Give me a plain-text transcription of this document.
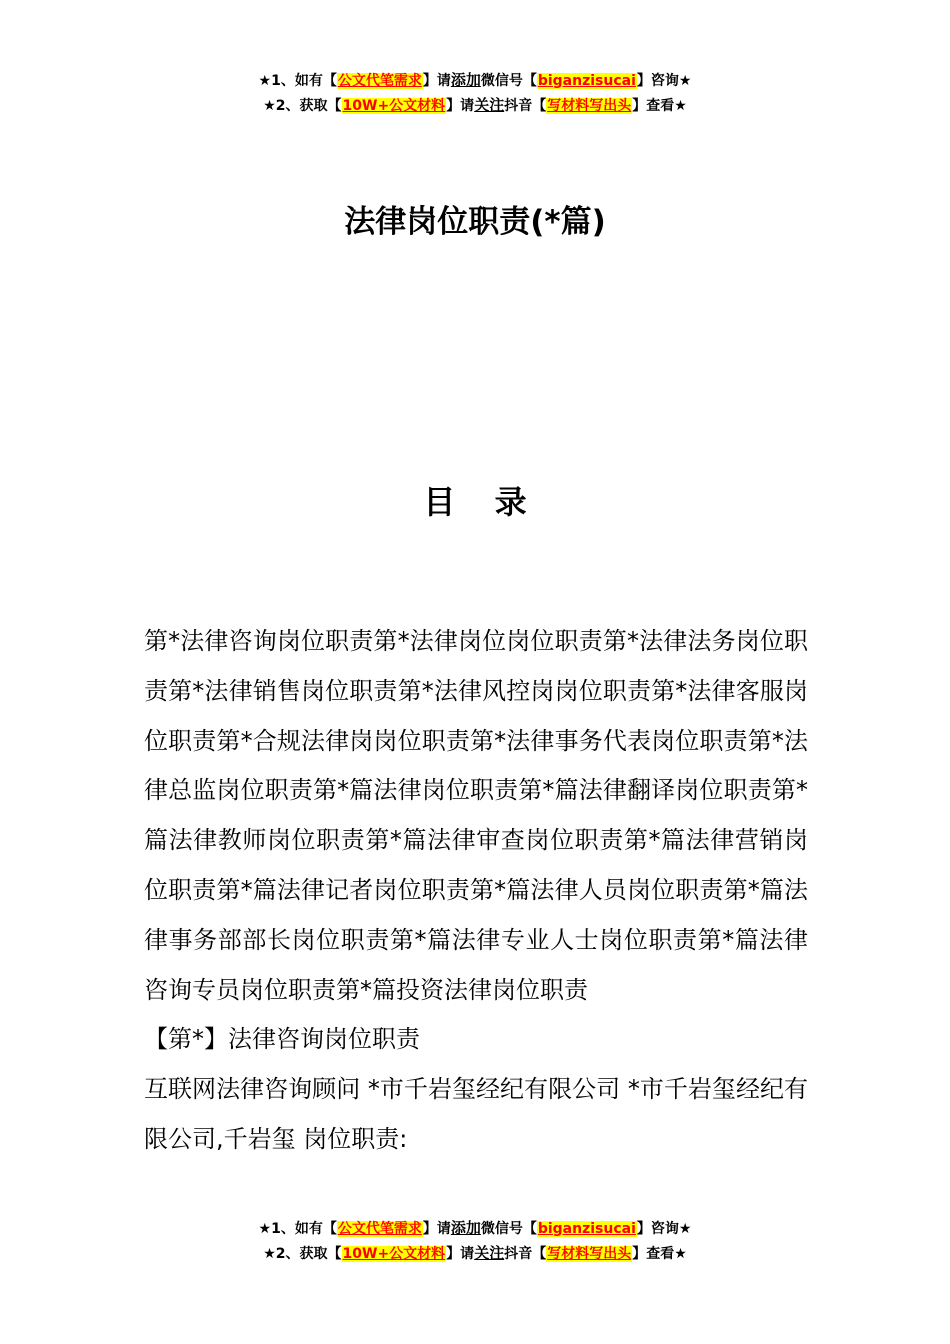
★1、如有【公文代笔需求】请添加微信号【biganzisucai】咨询★
★2、获取【10W+公文材料】请关注抖音【写材料写出头】查看★
法律岗位职责(*篇)
目 录

第*法律咨询岗位职责第*法律岗位岗位职责第*法律法务岗位职责第*法律销售岗位职责第*法律风控岗岗位职责第*法律客服岗位职责第*合规法律岗岗位职责第*法律事务代表岗位职责第*法律总监岗位职责第*篇法律岗位职责第*篇法律翻译岗位职责第*篇法律教师岗位职责第*篇法律审查岗位职责第*篇法律营销岗位职责第*篇法律记者岗位职责第*篇法律人员岗位职责第*篇法律事务部部长岗位职责第*篇法律专业人士岗位职责第*篇法律咨询专员岗位职责第*篇投资法律岗位职责

【第*】法律咨询岗位职责

互联网法律咨询顾问 *市千岩玺经纪有限公司 *市千岩玺经纪有限公司,千岩玺 岗位职责:

★1、如有【公文代笔需求】请添加微信号【biganzisucai】咨询★
★2、获取【10W+公文材料】请关注抖音【写材料写出头】查看★
